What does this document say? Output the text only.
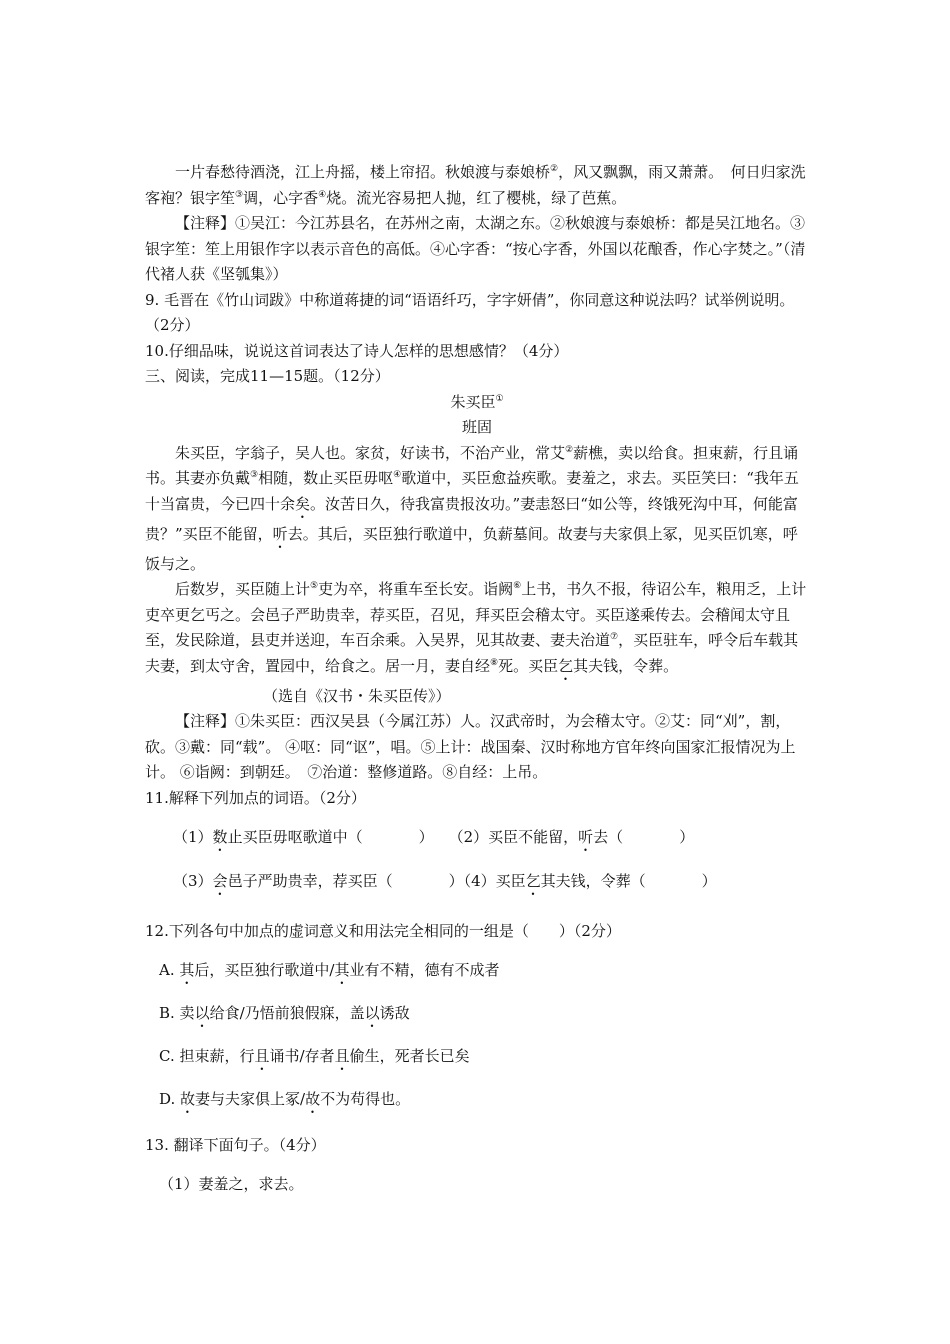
一片春愁待酒浇，江上舟摇，楼上帘招。秋娘渡与泰娘桥②，风又飘飘，雨又萧萧。　何日归家洗客袍？银字笙③调，心字香④烧。流光容易把人抛，红了樱桃，绿了芭蕉。

【注释】①吴江：今江苏县名，在苏州之南，太湖之东。②秋娘渡与泰娘桥：都是吴江地名。③银字笙：笙上用银作字以表示音色的高低。④心字香：“按心字香，外国以花酿香，作心字焚之。”（清代褚人获《坚瓠集》）

9. 毛晋在《竹山词跋》中称道蒋捷的词“语语纤巧，字字妍倩”，你同意这种说法吗？试举例说明。（2分）

10.仔细品味，说说这首词表达了诗人怎样的思想感情？（4分）

三、阅读，完成11—15题。（12分）

朱买臣①

班固

朱买臣，字翁子，吴人也。家贫，好读书，不治产业，常艾②薪樵，卖以给食。担束薪，行且诵书。其妻亦负戴③相随，数止买臣毋呕④歌道中，买臣愈益疾歌。妻羞之，求去。买臣笑曰：“我年五十当富贵，今已四十余矣。汝苦日久，待我富贵报汝功。”妻恚怒曰“如公等，终饿死沟中耳，何能富贵？”买臣不能留，听去。其后，买臣独行歌道中，负薪墓间。故妻与夫家俱上冢，见买臣饥寒，呼饭与之。

后数岁，买臣随上计⑤吏为卒，将重车至长安。诣阙⑥上书，书久不报，待诏公车，粮用乏，上计吏卒更乞丐之。会邑子严助贵幸，荐买臣，召见，拜买臣会稽太守。买臣遂乘传去。会稽闻太守且至，发民除道，县吏并送迎，车百余乘。入吴界，见其故妻、妻夫治道⑦，买臣驻车，呼令后车载其夫妻，到太守舍，置园中，给食之。居一月，妻自经⑧死。买臣乞其夫钱，令葬。（选自《汉书・朱买臣传》）

【注释】①朱买臣：西汉吴县（今属江苏）人。汉武帝时，为会稽太守。②艾：同“刈”，割，砍。③戴：同“载”。 ④呕：同“讴”，唱。⑤上计：战国秦、汉时称地方官年终向国家汇报情况为上计。 ⑥诣阙：到朝廷。　⑦治道：整修道路。⑧自经：上吊。

11.解释下列加点的词语。（2分）

（1）数止买臣毋呕歌道中（	）　　 （2）买臣不能留，听去（	）

（3）会邑子严助贵幸，荐买臣（	）（4）买臣乞其夫钱，令葬（	）

12.下列各句中加点的虚词意义和用法完全相同的一组是（　　）（2分）

A. 其后，买臣独行歌道中/其业有不精，德有不成者

B. 卖以给食/乃悟前狼假寐，盖以诱敌

C. 担束薪，行且诵书/存者且偷生，死者长已矣

D. 故妻与夫家俱上冢/故不为苟得也。

13. 翻译下面句子。（4分）

（1）妻羞之，求去。
